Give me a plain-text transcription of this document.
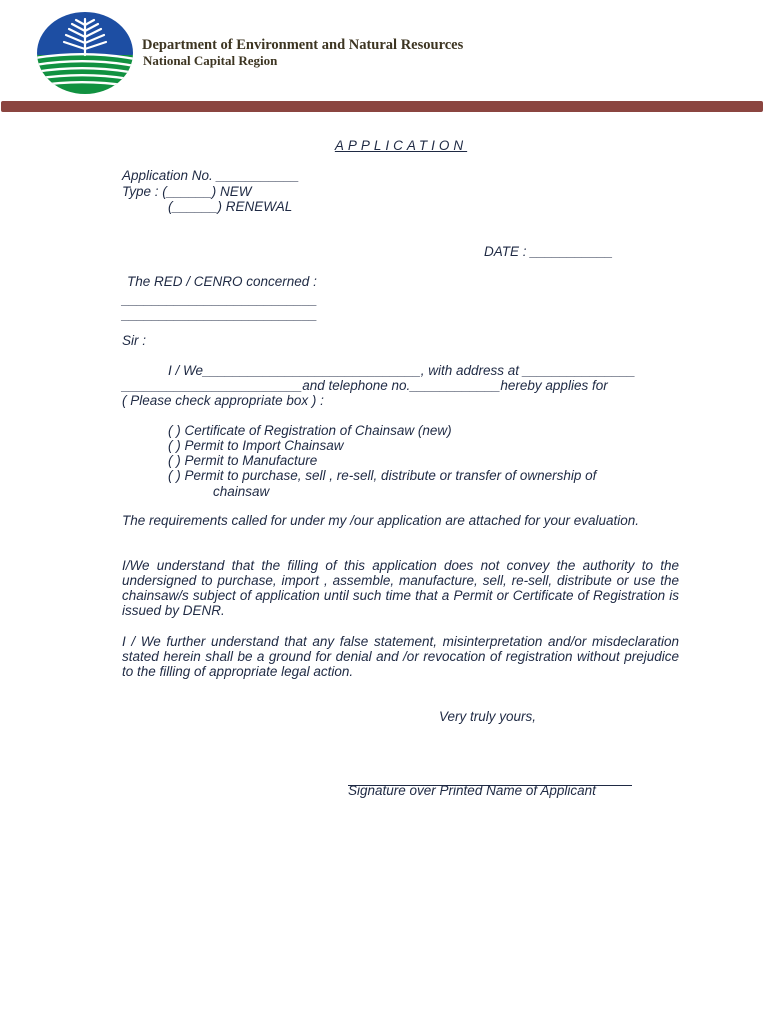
Department of Environment and Natural Resources
National Capital Region
APPLICATION
Application No. ___________
Type : (______) NEW
(______) RENEWAL
DATE : ___________
The RED / CENRO concerned :
__________________________
__________________________
Sir :
I / We_____________________________, with address at _______________
________________________and telephone no.____________hereby applies for
( Please check appropriate box ) :
( ) Certificate of Registration of Chainsaw (new)
( ) Permit to Import Chainsaw
( ) Permit to Manufacture
( ) Permit to purchase, sell , re-sell, distribute or transfer of ownership of
chainsaw
The requirements called for under my /our application are attached for your evaluation.
I/We understand that the filling of this application does not convey the authority to the undersigned to purchase, import , assemble, manufacture, sell, re-sell, distribute or use the chainsaw/s subject of application until such time that a Permit or Certificate of Registration is issued by DENR.
I / We further understand that any false statement, misinterpretation and/or misdeclaration stated herein shall be a ground for denial and /or revocation of registration without prejudice to the filling of appropriate legal action.
Very truly yours,
Signature over Printed Name of Applicant
